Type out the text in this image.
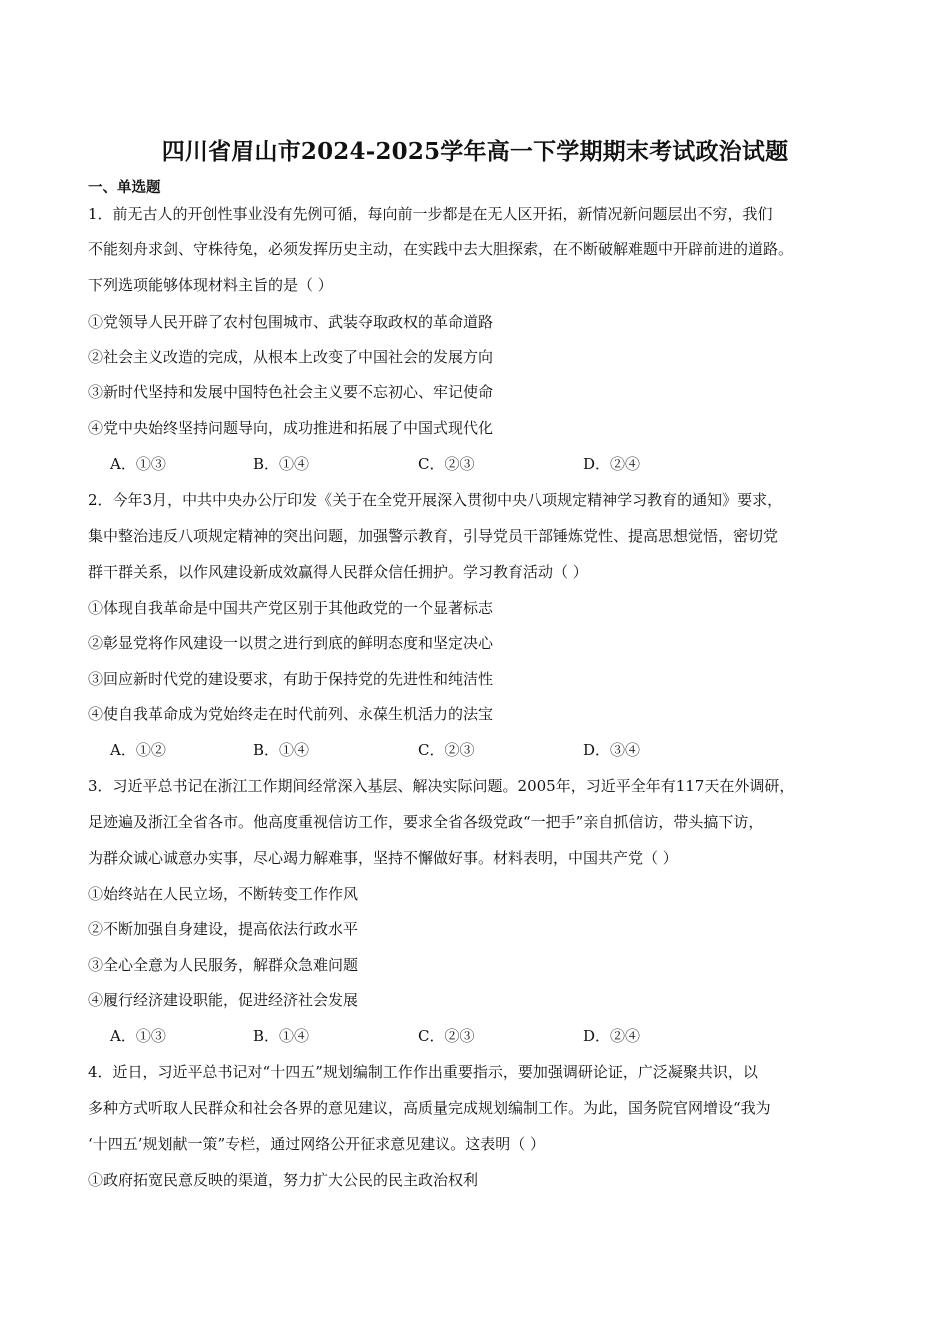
四川省眉山市2024-2025学年高一下学期期末考试政治试题
一、单选题
1．前无古人的开创性事业没有先例可循，每向前一步都是在无人区开拓，新情况新问题层出不穷，我们
不能刻舟求剑、守株待兔，必须发挥历史主动，在实践中去大胆探索，在不断破解难题中开辟前进的道路。
下列选项能够体现材料主旨的是（ ）
①党领导人民开辟了农村包围城市、武装夺取政权的革命道路
②社会主义改造的完成，从根本上改变了中国社会的发展方向
③新时代坚持和发展中国特色社会主义要不忘初心、牢记使命
④党中央始终坚持问题导向，成功推进和拓展了中国式现代化
A．①③	B．①④	C．②③	D．②④
2．今年3月，中共中央办公厅印发《关于在全党开展深入贯彻中央八项规定精神学习教育的通知》要求，
集中整治违反八项规定精神的突出问题，加强警示教育，引导党员干部锤炼党性、提高思想觉悟，密切党
群干群关系，以作风建设新成效赢得人民群众信任拥护。学习教育活动（ ）
①体现自我革命是中国共产党区别于其他政党的一个显著标志
②彰显党将作风建设一以贯之进行到底的鲜明态度和坚定决心
③回应新时代党的建设要求，有助于保持党的先进性和纯洁性
④使自我革命成为党始终走在时代前列、永葆生机活力的法宝
A．①②	B．①④	C．②③	D．③④
3．习近平总书记在浙江工作期间经常深入基层、解决实际问题。2005年，习近平全年有117天在外调研，
足迹遍及浙江全省各市。他高度重视信访工作，要求全省各级党政“一把手”亲自抓信访，带头搞下访，
为群众诚心诚意办实事，尽心竭力解难事，坚持不懈做好事。材料表明，中国共产党（ ）
①始终站在人民立场，不断转变工作作风
②不断加强自身建设，提高依法行政水平
③全心全意为人民服务，解群众急难问题
④履行经济建设职能，促进经济社会发展
A．①③	B．①④	C．②③	D．②④
4．近日，习近平总书记对“十四五”规划编制工作作出重要指示，要加强调研论证，广泛凝聚共识，以
多种方式听取人民群众和社会各界的意见建议，高质量完成规划编制工作。为此，国务院官网增设“我为
‘十四五’规划献一策”专栏，通过网络公开征求意见建议。这表明（ ）
①政府拓宽民意反映的渠道，努力扩大公民的民主政治权利
